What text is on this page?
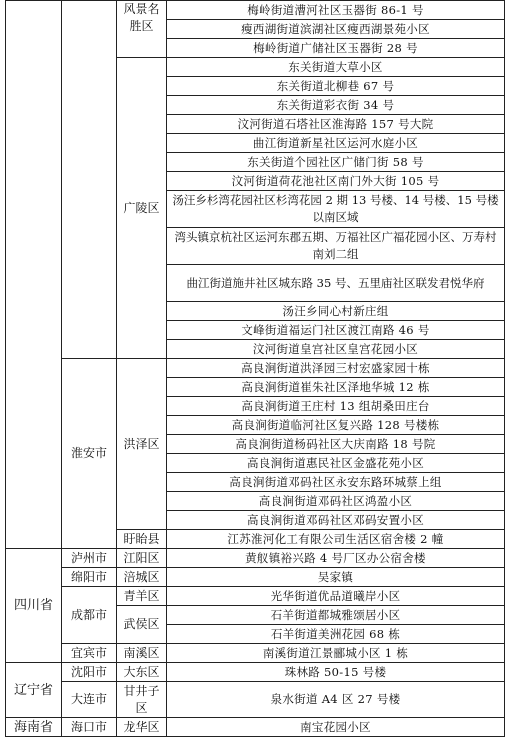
		风景名胜区	梅岭街道漕河社区玉器街 86-1 号
			瘦西湖街道滨湖社区瘦西湖景苑小区
			梅岭街道广储社区玉器街 28 号
		广陵区	东关街道大草小区
			东关街道北柳巷 67 号
			东关街道彩衣街 34 号
			汶河街道石塔社区淮海路 157 号大院
			曲江街道新星社区运河水庭小区
			东关街道个园社区广储门街 58 号
			汶河街道荷花池社区南门外大街 105 号
			汤汪乡杉湾花园社区杉湾花园 2 期 13 号楼、14 号楼、15 号楼以南区域
			湾头镇京杭社区运河东郡五期、万福社区广福花园小区、万寿村南刘二组
			曲江街道施井社区城东路 35 号、五里庙社区联发君悦华府
			汤汪乡同心村新庄组
			文峰街道福运门社区渡江南路 46 号
			汶河街道皇宫社区皇宫花园小区
	淮安市	洪泽区	高良涧街道洪泽园三村宏盛家园十栋
			高良涧街道崔朱社区泽地华城 12 栋
			高良涧街道王庄村 13 组胡桑田庄台
			高良涧街道临河社区复兴路 128 号楼栋
			高良涧街道杨码社区大庆南路 18 号院
			高良涧街道惠民社区金盛花苑小区
			高良涧街道邓码社区永安东路环城蔡上组
			高良涧街道邓码社区鸿盈小区
			高良涧街道邓码社区邓码安置小区
		盱眙县	江苏淮河化工有限公司生活区宿舍楼 2 幢
四川省	泸州市	江阳区	黄舣镇裕兴路 4 号厂区办公宿舍楼
	绵阳市	涪城区	吴家镇
	成都市	青羊区	光华街道优品道曦岸小区
		武侯区	石羊街道都城雅颂居小区
			石羊街道美洲花园 68 栋
	宜宾市	南溪区	南溪街道江景郦城小区 1 栋
辽宁省	沈阳市	大东区	珠林路 50-15 号楼
	大连市	甘井子区	泉水街道 A4 区 27 号楼
海南省	海口市	龙华区	南宝花园小区
